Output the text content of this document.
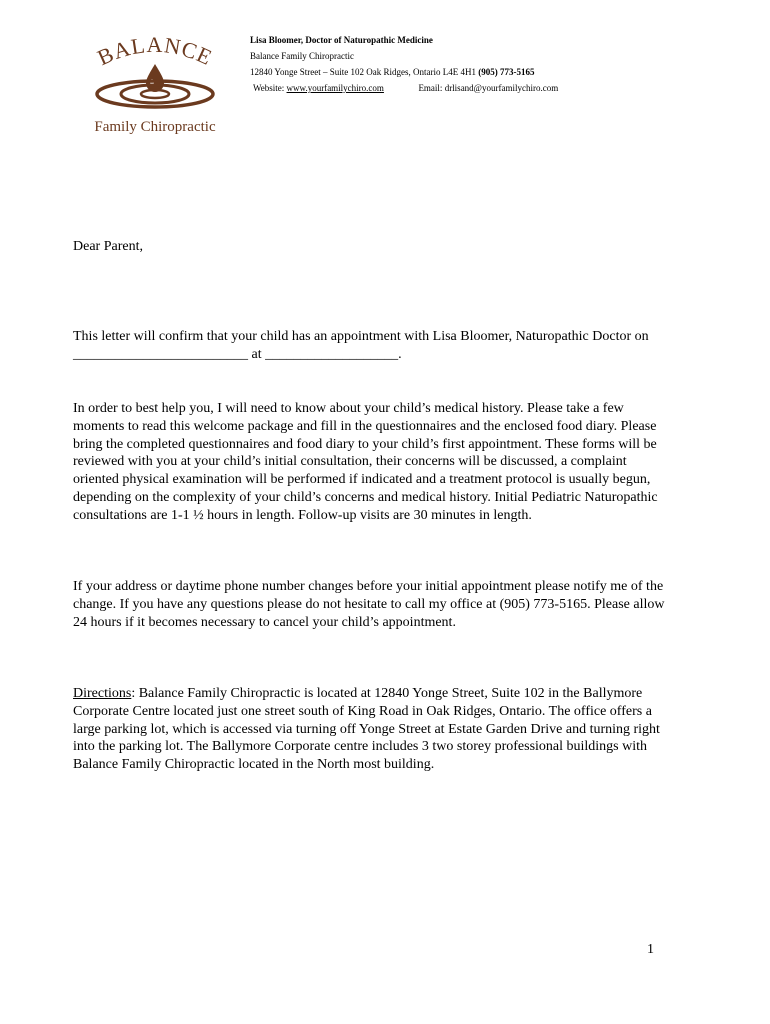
BALANCE
Family Chiropractic
Lisa Bloomer, Doctor of Naturopathic Medicine
Balance Family Chiropractic
12840 Yonge Street – Suite 102 Oak Ridges, Ontario L4E 4H1 (905) 773-5165
Website: www.yourfamilychiro.com	Email: drlisand@yourfamilychiro.com

Dear Parent,

This letter will confirm that your child has an appointment with Lisa Bloomer, Naturopathic Doctor on _________________________ at ___________________.

In order to best help you, I will need to know about your child’s medical history. Please take a few moments to read this welcome package and fill in the questionnaires and the enclosed food diary. Please bring the completed questionnaires and food diary to your child’s first appointment. These forms will be reviewed with you at your child’s initial consultation, their concerns will be discussed, a complaint oriented physical examination will be performed if indicated and a treatment protocol is usually begun, depending on the complexity of your child’s concerns and medical history. Initial Pediatric Naturopathic consultations are 1-1 ½ hours in length. Follow-up visits are 30 minutes in length.

If your address or daytime phone number changes before your initial appointment please notify me of the change. If you have any questions please do not hesitate to call my office at (905) 773-5165. Please allow 24 hours if it becomes necessary to cancel your child’s appointment.

Directions: Balance Family Chiropractic is located at 12840 Yonge Street, Suite 102 in the Ballymore Corporate Centre located just one street south of King Road in Oak Ridges, Ontario. The office offers a large parking lot, which is accessed via turning off Yonge Street at Estate Garden Drive and turning right into the parking lot. The Ballymore Corporate centre includes 3 two storey professional buildings with Balance Family Chiropractic located in the North most building.

1
